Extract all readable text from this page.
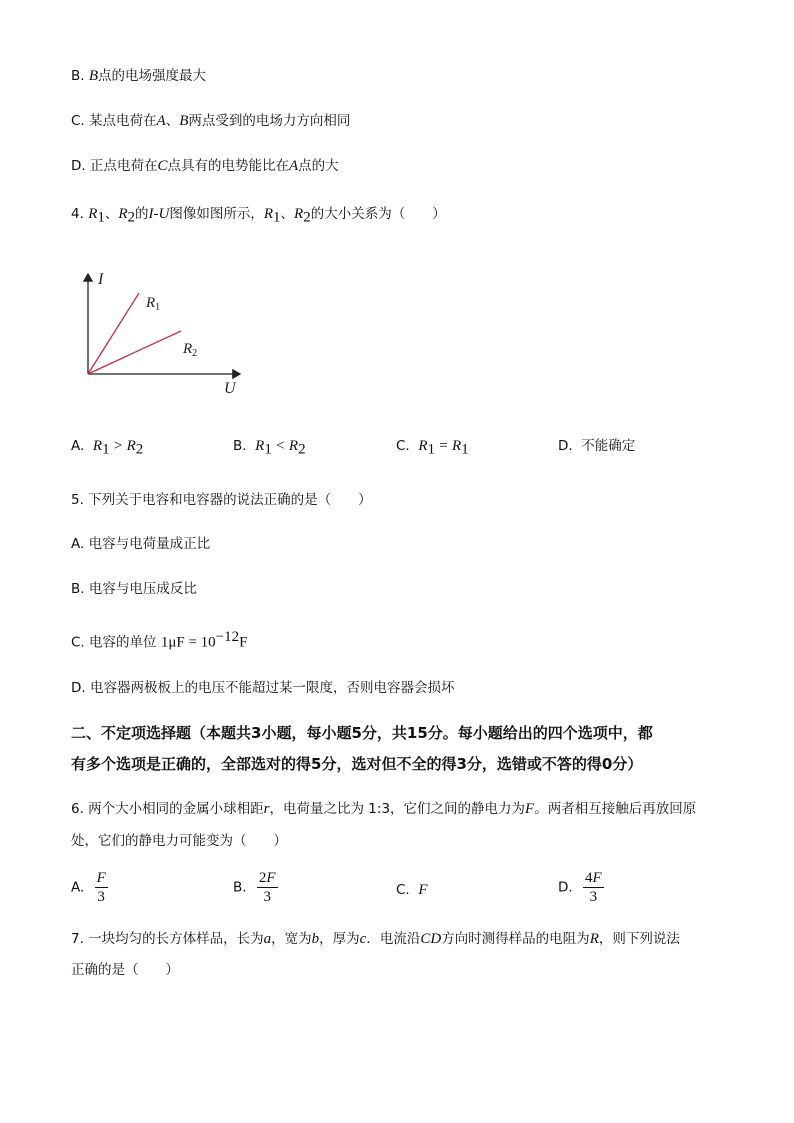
B. B点的电场强度最大
C. 某点电荷在A、B两点受到的电场力方向相同
D. 正点电荷在C点具有的电势能比在A点的大
4. $R_1$、$R_2$的I-U图像如图所示，$R_1$、$R_2$的大小关系为（　　）
I
U
$R_1$
$R_2$
A. $R_1 > R_2$	B. $R_1 < R_2$	C. $R_1 = R_1$	D. 不能确定
5. 下列关于电容和电容器的说法正确的是（　　）
A. 电容与电荷量成正比
B. 电容与电压成反比
C. 电容的单位 $1\mu F = 10^{-12}F$
D. 电容器两极板上的电压不能超过某一限度，否则电容器会损坏
二、不定项选择题（本题共3小题，每小题5分，共15分。每小题给出的四个选项中，都
有多个选项是正确的，全部选对的得5分，选对但不全的得3分，选错或不答的得0分）
6. 两个大小相同的金属小球相距r，电荷量之比为 1:3，它们之间的静电力为F。两者相互接触后再放回原
处，它们的静电力可能变为（　　）
A. $\frac{F}{3}$	B. $\frac{2F}{3}$	C. F	D. $\frac{4F}{3}$
7. 一块均匀的长方体样品，长为a，宽为b，厚为c．电流沿CD方向时测得样品的电阻为R，则下列说法
正确的是（　　）
